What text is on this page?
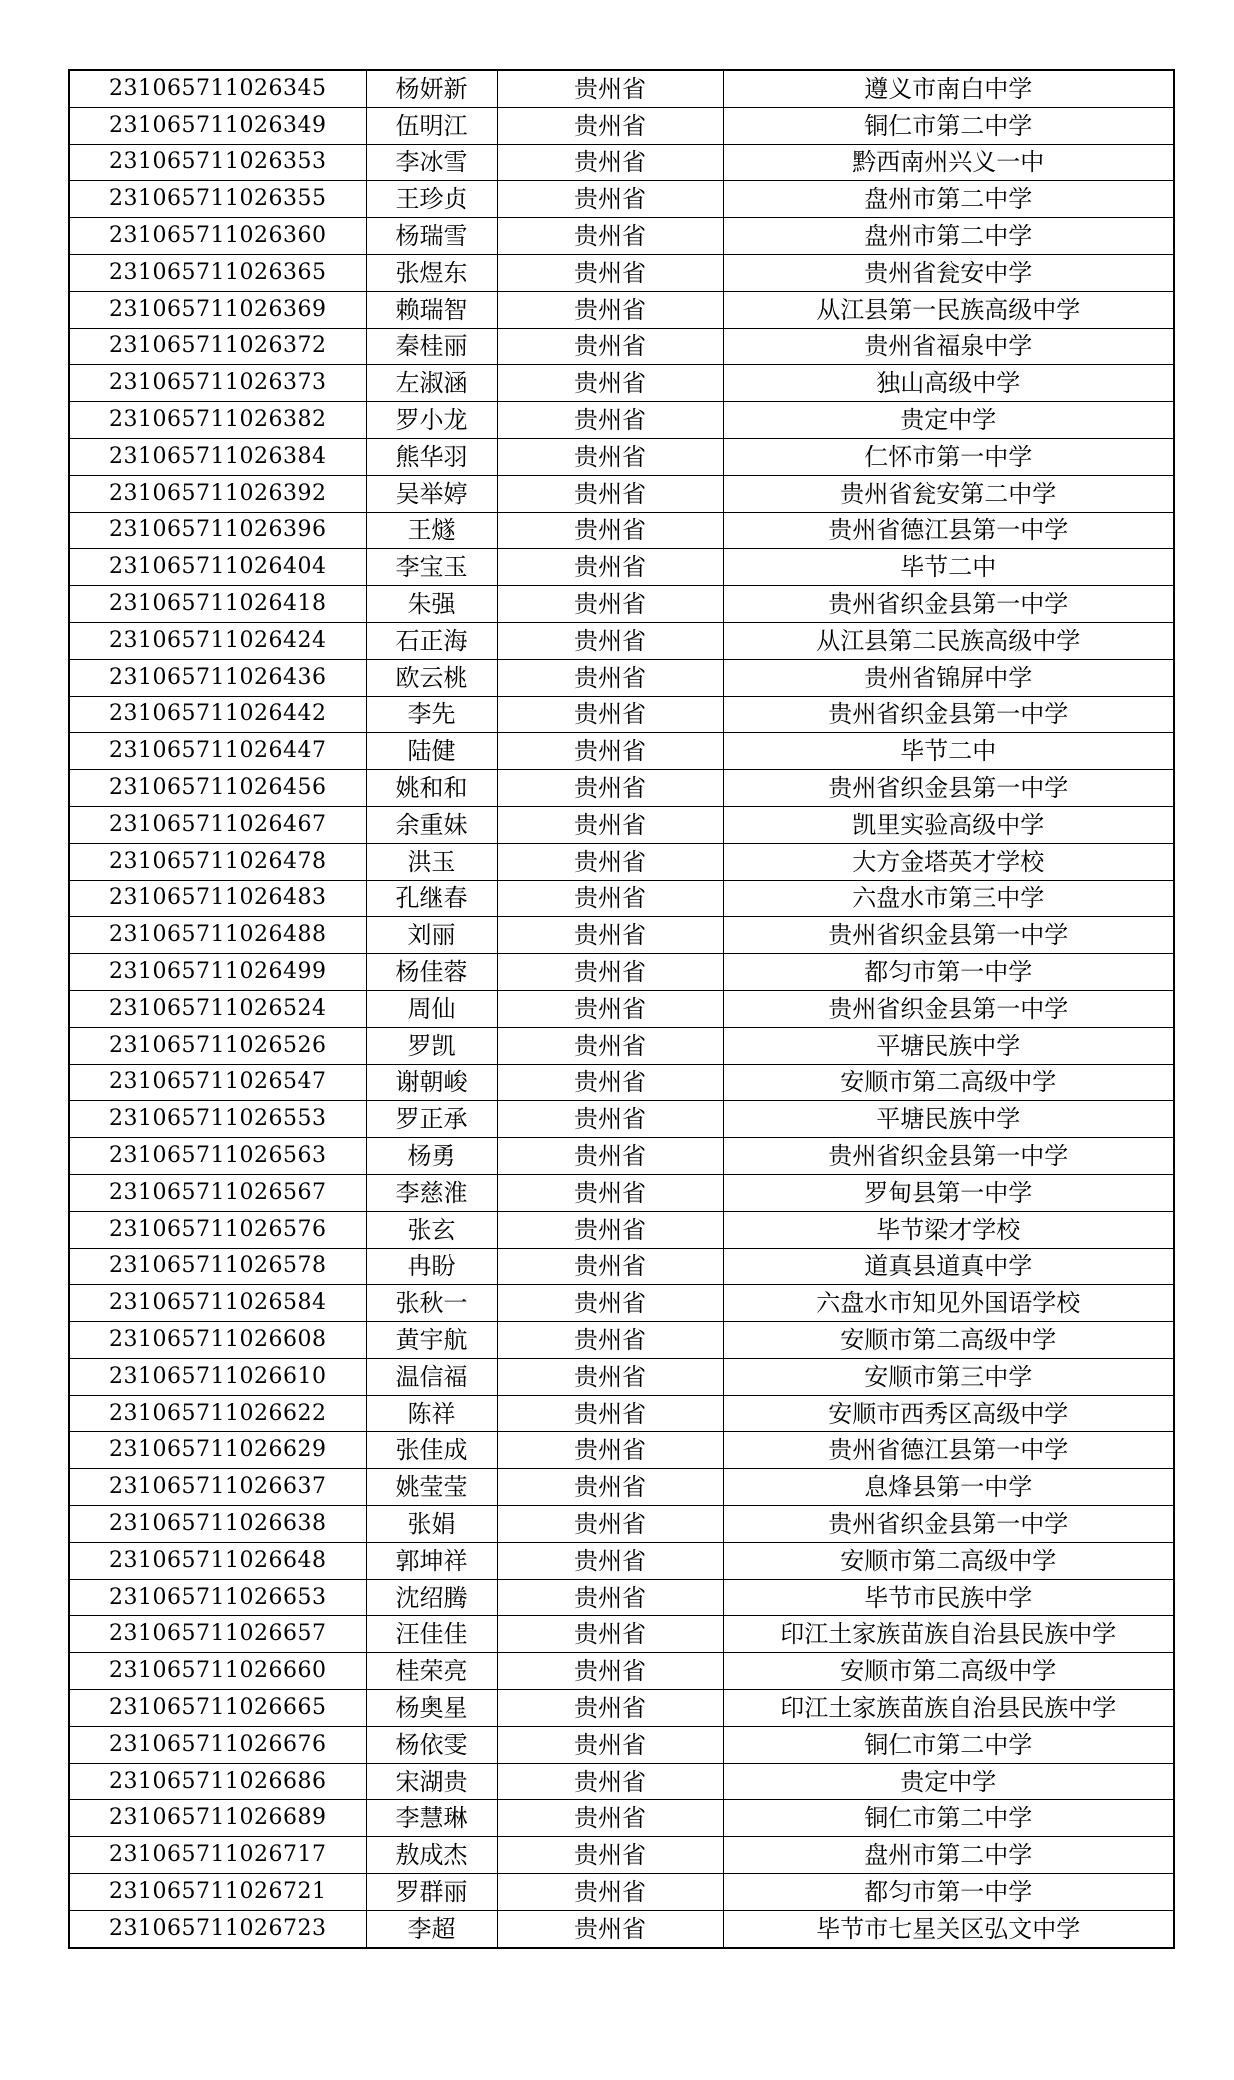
231065711026345	杨妍新	贵州省	遵义市南白中学
231065711026349	伍明江	贵州省	铜仁市第二中学
231065711026353	李冰雪	贵州省	黔西南州兴义一中
231065711026355	王珍贞	贵州省	盘州市第二中学
231065711026360	杨瑞雪	贵州省	盘州市第二中学
231065711026365	张煜东	贵州省	贵州省瓮安中学
231065711026369	赖瑞智	贵州省	从江县第一民族高级中学
231065711026372	秦桂丽	贵州省	贵州省福泉中学
231065711026373	左淑涵	贵州省	独山高级中学
231065711026382	罗小龙	贵州省	贵定中学
231065711026384	熊华羽	贵州省	仁怀市第一中学
231065711026392	吴举婷	贵州省	贵州省瓮安第二中学
231065711026396	王燧	贵州省	贵州省德江县第一中学
231065711026404	李宝玉	贵州省	毕节二中
231065711026418	朱强	贵州省	贵州省织金县第一中学
231065711026424	石正海	贵州省	从江县第二民族高级中学
231065711026436	欧云桃	贵州省	贵州省锦屏中学
231065711026442	李先	贵州省	贵州省织金县第一中学
231065711026447	陆健	贵州省	毕节二中
231065711026456	姚和和	贵州省	贵州省织金县第一中学
231065711026467	余重妹	贵州省	凯里实验高级中学
231065711026478	洪玉	贵州省	大方金塔英才学校
231065711026483	孔继春	贵州省	六盘水市第三中学
231065711026488	刘丽	贵州省	贵州省织金县第一中学
231065711026499	杨佳蓉	贵州省	都匀市第一中学
231065711026524	周仙	贵州省	贵州省织金县第一中学
231065711026526	罗凯	贵州省	平塘民族中学
231065711026547	谢朝峻	贵州省	安顺市第二高级中学
231065711026553	罗正承	贵州省	平塘民族中学
231065711026563	杨勇	贵州省	贵州省织金县第一中学
231065711026567	李慈淮	贵州省	罗甸县第一中学
231065711026576	张玄	贵州省	毕节梁才学校
231065711026578	冉盼	贵州省	道真县道真中学
231065711026584	张秋一	贵州省	六盘水市知见外国语学校
231065711026608	黄宇航	贵州省	安顺市第二高级中学
231065711026610	温信福	贵州省	安顺市第三中学
231065711026622	陈祥	贵州省	安顺市西秀区高级中学
231065711026629	张佳成	贵州省	贵州省德江县第一中学
231065711026637	姚莹莹	贵州省	息烽县第一中学
231065711026638	张娟	贵州省	贵州省织金县第一中学
231065711026648	郭坤祥	贵州省	安顺市第二高级中学
231065711026653	沈绍腾	贵州省	毕节市民族中学
231065711026657	汪佳佳	贵州省	印江土家族苗族自治县民族中学
231065711026660	桂荣亮	贵州省	安顺市第二高级中学
231065711026665	杨奥星	贵州省	印江土家族苗族自治县民族中学
231065711026676	杨依雯	贵州省	铜仁市第二中学
231065711026686	宋湖贵	贵州省	贵定中学
231065711026689	李慧琳	贵州省	铜仁市第二中学
231065711026717	敖成杰	贵州省	盘州市第二中学
231065711026721	罗群丽	贵州省	都匀市第一中学
231065711026723	李超	贵州省	毕节市七星关区弘文中学
